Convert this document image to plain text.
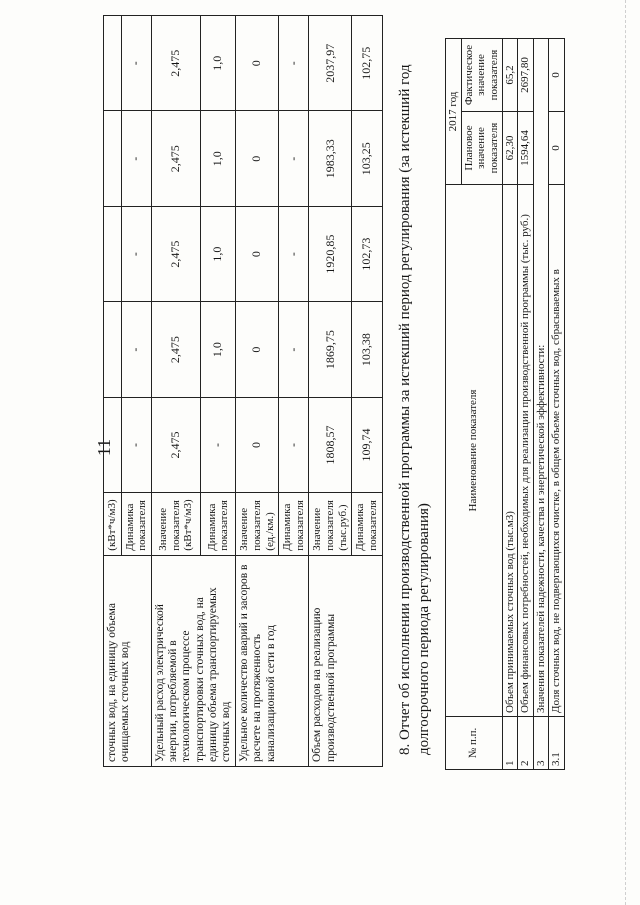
11
сточных вод, на единицу объема очищаемых сточных вод	(кВт*ч/м3)					
	Динамика показателя	-	-	-	-	-
Удельный расход электрической энергии, потребляемой в технологическом процессе транспортировки сточных вод, на единицу объема транспортируемых сточных вод	Значение показателя (кВт*ч/м3)	2,475	2,475	2,475	2,475	2,475
	Динамика показателя	-	1,0	1,0	1,0	1,0
Удельное количество аварий и засоров в расчете на протяженность канализационной сети в год	Значение показателя (ед./км.)	0	0	0	0	0
	Динамика показателя	-	-	-	-	-
Объем расходов на реализацию производственной программы	Значение показателя (тыс.руб.)	1808,57	1869,75	1920,85	1983,33	2037,97
	Динамика показателя	109,74	103,38	102,73	103,25	102,75
8. Отчет об исполнении производственной программы за истекший период регулирования (за истекший год долгосрочного периода регулирования)	№ п.п.	Наименование показателя	2017 год	
		Плановое значение показателя	Фактическое значение показателя
1	Объем принимаемых сточных вод (тыс.м3)	62,30	65,2
2	Объем финансовых потребностей, необходимых для реализации производственной программы (тыс. руб.)	1594,64	2697,80
3	Значения показателей надежности, качества и энергетической эффективности:		
3.1	Доля сточных вод, не подвергающихся очистке, в общем объеме сточных вод, сбрасываемых в	0	0
